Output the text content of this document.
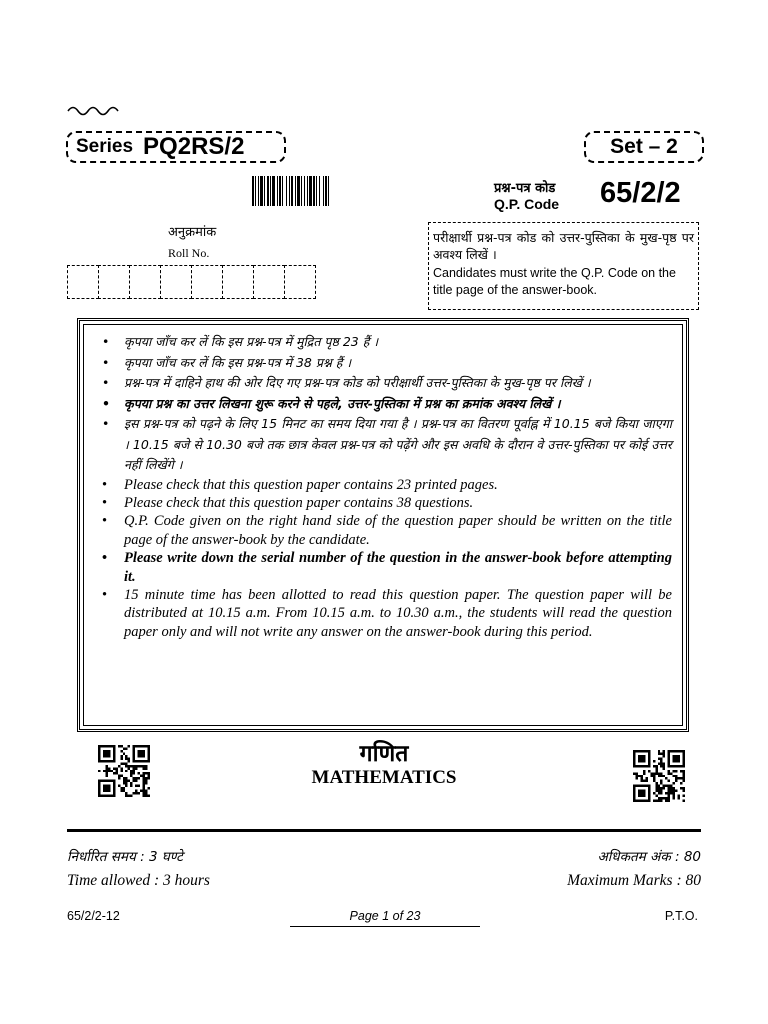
Series PQ2RS/2	Set – 2
प्रश्न-पत्र कोड
Q.P. Code 65/2/2
अनुक्रमांक
Roll No.
परीक्षार्थी प्रश्न-पत्र कोड को उत्तर-पुस्तिका के मुख-पृष्ठ पर अवश्य लिखें ।
Candidates must write the Q.P. Code on the title page of the answer-book.
• कृपया जाँच कर लें कि इस प्रश्न-पत्र में मुद्रित पृष्ठ 23 हैं ।
• कृपया जाँच कर लें कि इस प्रश्न-पत्र में 38 प्रश्न हैं ।
• प्रश्न-पत्र में दाहिने हाथ की ओर दिए गए प्रश्न-पत्र कोड को परीक्षार्थी उत्तर-पुस्तिका के मुख-पृष्ठ पर लिखें ।
• कृपया प्रश्न का उत्तर लिखना शुरू करने से पहले, उत्तर-पुस्तिका में प्रश्न का क्रमांक अवश्य लिखें ।
• इस प्रश्न-पत्र को पढ़ने के लिए 15 मिनट का समय दिया गया है । प्रश्न-पत्र का वितरण पूर्वाह्न में 10.15 बजे किया जाएगा । 10.15 बजे से 10.30 बजे तक छात्र केवल प्रश्न-पत्र को पढ़ेंगे और इस अवधि के दौरान वे उत्तर-पुस्तिका पर कोई उत्तर नहीं लिखेंगे ।
• Please check that this question paper contains 23 printed pages.
• Please check that this question paper contains 38 questions.
• Q.P. Code given on the right hand side of the question paper should be written on the title page of the answer-book by the candidate.
• Please write down the serial number of the question in the answer-book before attempting it.
• 15 minute time has been allotted to read this question paper. The question paper will be distributed at 10.15 a.m. From 10.15 a.m. to 10.30 a.m., the students will read the question paper only and will not write any answer on the answer-book during this period.
गणित
MATHEMATICS
निर्धारित समय : 3 घण्टे	अधिकतम अंक : 80
Time allowed : 3 hours	Maximum Marks : 80
65/2/2-12	Page 1 of 23	P.T.O.
